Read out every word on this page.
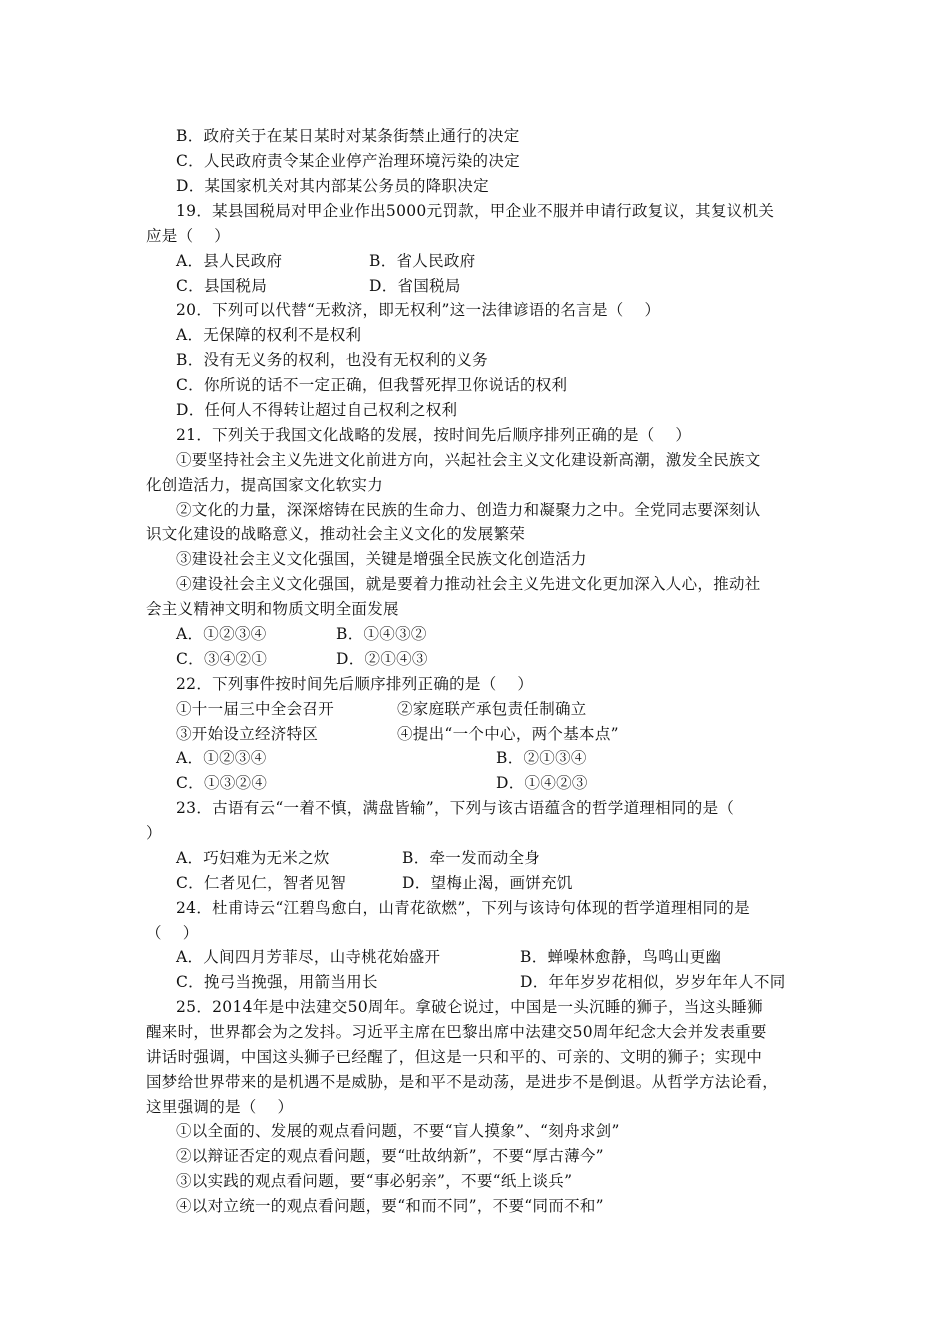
B．政府关于在某日某时对某条街禁止通行的决定
C．人民政府责令某企业停产治理环境污染的决定
D．某国家机关对其内部某公务员的降职决定
19．某县国税局对甲企业作出5000元罚款，甲企业不服并申请行政复议，其复议机关
应是（    ）
A．县人民政府	B．省人民政府
C．县国税局	D．省国税局
20．下列可以代替“无救济，即无权利”这一法律谚语的名言是（    ）
A．无保障的权利不是权利
B．没有无义务的权利，也没有无权利的义务
C．你所说的话不一定正确，但我誓死捍卫你说话的权利
D．任何人不得转让超过自己权利之权利
21．下列关于我国文化战略的发展，按时间先后顺序排列正确的是（    ）
①要坚持社会主义先进文化前进方向，兴起社会主义文化建设新高潮，激发全民族文
化创造活力，提高国家文化软实力
②文化的力量，深深熔铸在民族的生命力、创造力和凝聚力之中。全党同志要深刻认
识文化建设的战略意义，推动社会主义文化的发展繁荣
③建设社会主义文化强国，关键是增强全民族文化创造活力
④建设社会主义文化强国，就是要着力推动社会主义先进文化更加深入人心，推动社
会主义精神文明和物质文明全面发展
A．①②③④	B．①④③②
C．③④②①	D．②①④③
22．下列事件按时间先后顺序排列正确的是（    ）
①十一届三中全会召开	②家庭联产承包责任制确立
③开始设立经济特区	④提出“一个中心，两个基本点”
A．①②③④	B．②①③④
C．①③②④	D．①④②③
23．古语有云“一着不慎，满盘皆输”，下列与该古语蕴含的哲学道理相同的是（
）
A．巧妇难为无米之炊	B．牵一发而动全身
C．仁者见仁，智者见智	D．望梅止渴，画饼充饥
24．杜甫诗云“江碧鸟愈白，山青花欲燃”，下列与该诗句体现的哲学道理相同的是
（    ）
A．人间四月芳菲尽，山寺桃花始盛开	B．蝉噪林愈静，鸟鸣山更幽
C．挽弓当挽强，用箭当用长	D．年年岁岁花相似，岁岁年年人不同
25．2014年是中法建交50周年。拿破仑说过，中国是一头沉睡的狮子，当这头睡狮
醒来时，世界都会为之发抖。习近平主席在巴黎出席中法建交50周年纪念大会并发表重要
讲话时强调，中国这头狮子已经醒了，但这是一只和平的、可亲的、文明的狮子；实现中
国梦给世界带来的是机遇不是威胁，是和平不是动荡，是进步不是倒退。从哲学方法论看，
这里强调的是（    ）
①以全面的、发展的观点看问题，不要“盲人摸象”、“刻舟求剑”
②以辩证否定的观点看问题，要“吐故纳新”，不要“厚古薄今”
③以实践的观点看问题，要“事必躬亲”，不要“纸上谈兵”
④以对立统一的观点看问题，要“和而不同”，不要“同而不和”
